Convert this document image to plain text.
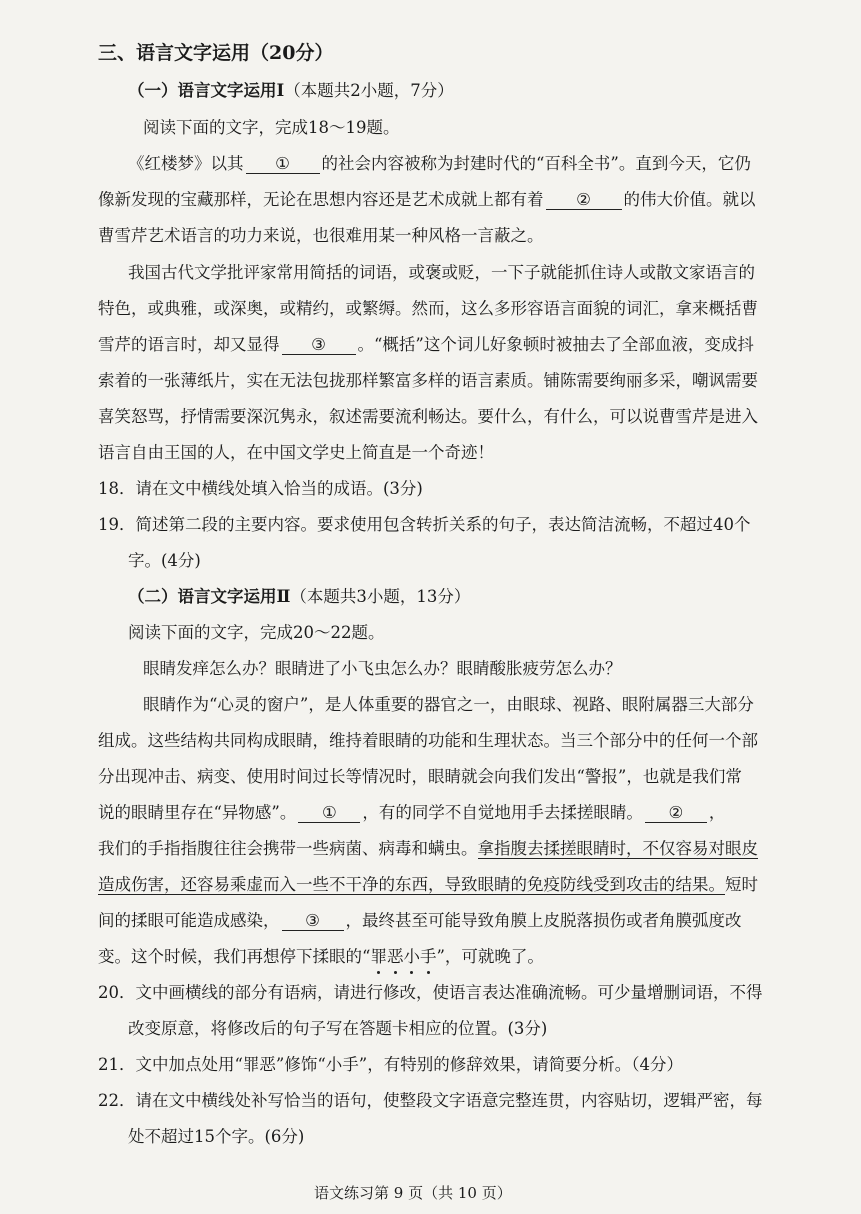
三、语言文字运用（20分）
（一）语言文字运用Ⅰ（本题共2小题，7分）
阅读下面的文字，完成18～19题。
《红楼梦》以其 ① 的社会内容被称为封建时代的“百科全书”。直到今天，它仍
像新发现的宝藏那样，无论在思想内容还是艺术成就上都有着 ② 的伟大价值。就以
曹雪芹艺术语言的功力来说，也很难用某一种风格一言蔽之。
我国古代文学批评家常用简括的词语，或褒或贬，一下子就能抓住诗人或散文家语言的
特色，或典雅，或深奥，或精约，或繁缛。然而，这么多形容语言面貌的词汇，拿来概括曹
雪芹的语言时，却又显得 ③ 。“概括”这个词儿好象顿时被抽去了全部血液，变成抖
索着的一张薄纸片，实在无法包拢那样繁富多样的语言素质。铺陈需要绚丽多采，嘲讽需要
喜笑怒骂，抒情需要深沉隽永，叙述需要流利畅达。要什么，有什么，可以说曹雪芹是进入
语言自由王国的人，在中国文学史上简直是一个奇迹！
18．请在文中横线处填入恰当的成语。(3分)
19．简述第二段的主要内容。要求使用包含转折关系的句子，表达简洁流畅，不超过40个
字。(4分)
（二）语言文字运用Ⅱ（本题共3小题，13分）
阅读下面的文字，完成20～22题。
眼睛发痒怎么办？眼睛进了小飞虫怎么办？眼睛酸胀疲劳怎么办？
眼睛作为“心灵的窗户”，是人体重要的器官之一，由眼球、视路、眼附属器三大部分
组成。这些结构共同构成眼睛，维持着眼睛的功能和生理状态。当三个部分中的任何一个部
分出现冲击、病变、使用时间过长等情况时，眼睛就会向我们发出“警报”，也就是我们常
说的眼睛里存在“异物感”。 ① ，有的同学不自觉地用手去揉搓眼睛。 ② ，
我们的手指指腹往往会携带一些病菌、病毒和螨虫。拿指腹去揉搓眼睛时，不仅容易对眼皮
造成伤害，还容易乘虚而入一些不干净的东西，导致眼睛的免疫防线受到攻击的结果。短时
间的揉眼可能造成感染， ③ ，最终甚至可能导致角膜上皮脱落损伤或者角膜弧度改
变。这个时候，我们再想停下揉眼的“罪恶小手”，可就晚了。
20．文中画横线的部分有语病，请进行修改，使语言表达准确流畅。可少量增删词语，不得
改变原意，将修改后的句子写在答题卡相应的位置。(3分)
21．文中加点处用“罪恶”修饰“小手”，有特别的修辞效果，请简要分析。（4分）
22．请在文中横线处补写恰当的语句，使整段文字语意完整连贯，内容贴切，逻辑严密，每
处不超过15个字。(6分)
语文练习第 9 页（共 10 页）
